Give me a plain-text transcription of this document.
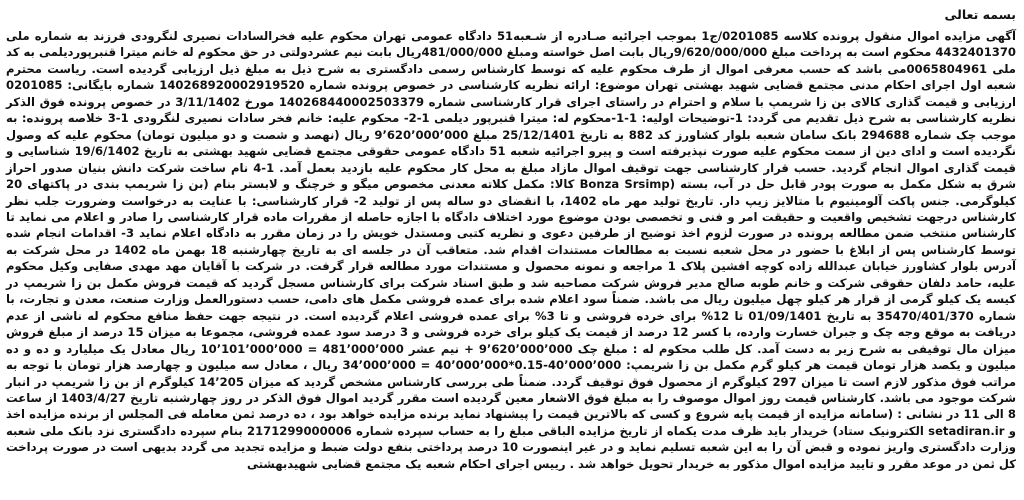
بسمه تعالی

آگهی مزایده اموال منقول پرونده کلاسه 0201085/ج1 بموجب اجرائیه صـادره از شـعبه51 دادگاه عمومی تهران محکوم علیه فخرالسادات نصیری لنگرودی فرزند به شماره ملی 4432401370 محکوم است به پرداخت مبلغ 9/620/000/000ریال بابت اصل خواسته ومبلغ 481/000/000ریال بابت نیم عشردولتی در حق محکوم له خانم میترا قنبرپوردیلمی به کد ملی 0065804961می باشد که حسب معرفی اموال از طرف محکوم علیه که توسط کارشناس رسمی دادگستری به شرح ذیل به مبلغ ذیل ارزیابی گردیده است. ریاست محترم شعبه اول اجرای احکام مدنی مجتمع قضایی شهید بهشتی تهران موضوع: ارائه نظریه کارشناسی در خصوص پرونده شماره 140268920002919520 شماره بایگانی: 0201085 ارزیابی و قیمت گذاری کالای بن زا شریمپ با سلام و احترام در راستای اجرای قرار کارشناسی شماره 140268440002503379 مورخ 3/11/1402 در خصوص پرونده فوق الذکر نظریه کارشناسی به شرح ذیل تقدیم می گردد: 1-توضیحات اولیه: 1-1-محکوم له: میترا قنبرپور دیلمی 1-2- محکوم علیه: خانم فخر سادات نصیری لنگرودی 1-3 خلاصه پرونده: به موجب چک شماره 294688 بانک سامان شعبه بلوار کشاورز کد 882 به تاریخ 25/12/1401 مبلغ 9٬620٬000٬000 ریال (نهصد و شصت و دو میلیون تومان) محکوم علیه که وصول نگردیده است و ادای دین از سمت محکوم علیه صورت نپذیرفته است و پیرو اجرائیه شعبه 51 دادگاه عمومی حقوقی مجتمع قضایی شهید بهشتی به تاریخ 19/6/1402 شناسایی و قیمت گذاری اموال انجام گردید. حسب قرار کارشناسی جهت توقیف اموال مازاد مبلغ به محل کار محکوم علیه بازدید بعمل آمد. 1-4 نام ساخت شرکت دانش بنیان صدور احراز شرق به شکل مکمل به صورت پودر قابل حل در آب، بسته (Bonza Srsimp کالا: مکمل کلاته معدنی مخصوص میگو و خرچنگ و لابستر بنام (بن زا شریمپ بندی در پاکتهای 20 کیلوگرمی. جنس پاکت آلومینیوم با متالایز زیپ دار. تاریخ تولید مهر ماه 1402، با انقضای دو ساله پس از تولید 2- قرار کارشناسی: با عنایت به درخواست وضرورت جلب نظر کارشناس درجهت تشخیص واقعیت و حقیقت امر و فنی و تخصصی بودن موضوع مورد اختلاف دادگاه با اجازه حاصله از مقررات ماده قرار کارشناسی را صادر و اعلام می نماید تا کارشناس منتخب ضمن مطالعه پرونده در صورت لزوم اخذ توضیح از طرفین دعوی و نظریه کتبی ومستدل خویش را در زمان مقرر به دادگاه اعلام نماید 3- اقدامات انجام شده توسط کارشناس پس از ابلاغ با حضور در محل شعبه نسبت به مطالعات مستندات اقدام شد. متعاقب آن در جلسه ای به تاریخ چهارشنبه 18 بهمن ماه 1402 در محل شرکت به آدرس بلوار کشاورز خیابان عبدالله زاده کوچه افشین پلاک 1 مراجعه و نمونه محصول و مستندات مورد مطالعه قرار گرفت. در شرکت با آقایان مهد مهدی صفایی وکیل محکوم علیه، حامد دلفان حقوقی شرکت و خانم طوبه صالح مدیر فروش شرکت مصاحبه شد و طبق اسناد شرکت برای کارشناس مسجل گردید که قیمت فروش مکمل بن زا شریمپ در کیسه یک کیلو گرمی از قرار هر کیلو چهل میلیون ریال می باشد. ضمناً سود اعلام شده برای عمده فروشی مکمل های دامی، حسب دستورالعمل وزارت صنعت، معدن و تجارت، با شماره 35470/401/370 به تاریخ 01/09/1401 تا 12% برای خرده فروشی و تا 3% برای عمده فروشی اعلام گردیده است. در نتیجه جهت حفظ منافع محکوم له ناشی از عدم دریافت به موقع وجه چک و جبران خسارت وارده، با کسر 12 درصد از قیمت یک کیلو برای خرده فروشی و 3 درصد سود عمده فروشی، مجموعا به میزان 15 درصد از مبلغ فروش میزان مال توقیفی به شرح زیر به دست آمد. کل طلب محکوم له : مبلغ چک 9٬620٬000٬000 + نیم عشر 481٬000٬000 = 10٬101٬000٬000 ریال معادل یک میلیارد و ده و ده میلیون و یکصد هزار تومان قیمت هر کیلو گرم مکمل بن زا شریمپ: 40٬000٬000-0.15*40٬000٬000 = 34٬000٬000 ریال ، معادل سه میلیون و چهارصد هزار تومان با توجه به مراتب فوق مذکور لازم است تا میزان 297 کیلوگرم از محصول فوق توقیف گردد. ضمناً طی بررسی کارشناس مشخص گردید که میزان 14٬205 کیلوگرم از بن زا شریمپ در انبار شرکت موجود می باشد. کارشناس قیمت روز اموال موصوف را به مبلغ فوق الاشعار معین گردیده است مقرر گردید اموال فوق الذکر در روز چهارشنبه تاریخ 1403/4/27 از ساعت 8 الی 11 در نشانی : (سامانه مزایده از قیمت پایه شروع و کسی که بالاترین قیمت را پیشنهاد نماید برنده مزایده خواهد بود ، ده درصد ثمن معامله فی المجلس از برنده مزایده اخذ و setadiran.ir الکترونیک ستاد) خریدار باید ظرف مدت یکماه از تاریخ مزایده الباقی مبلغ را به حساب سپرده شماره 2171299000006 بنام سپرده دادگستری نزد بانک ملی شعبه وزارت دادگستری واریز نموده و قبض آن را به این شعبه تسلیم نماید و در غیر اینصورت 10 درصد پرداختی بنفع دولت ضبط و مزایده تجدید می گردد بدیهی است در صورت پرداخت کل ثمن در موعد مقرر و تایید مزایده اموال مذکور به خریدار تحویل خواهد شد . رییس اجرای احکام شعبه یک مجتمع قضایی شهیدبهشتی
